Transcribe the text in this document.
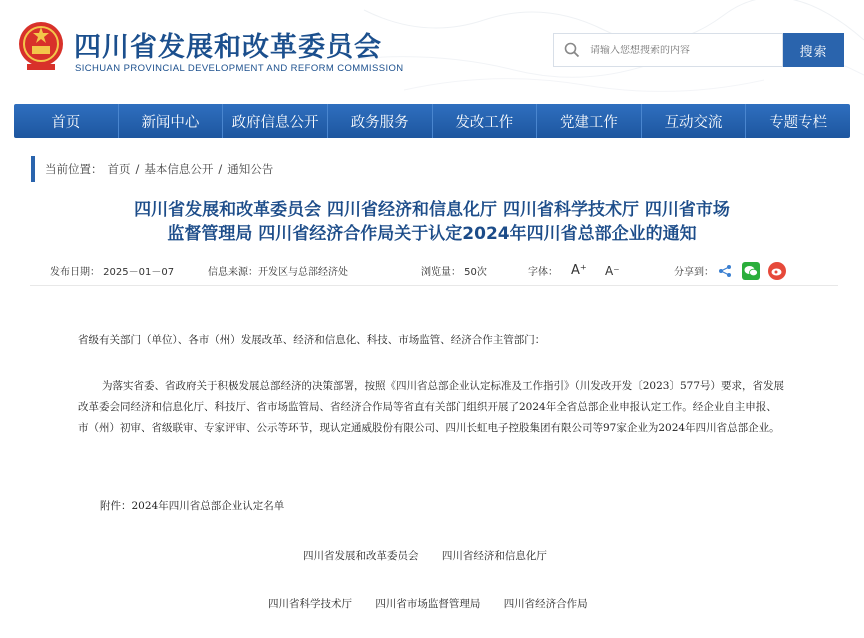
四川省发展和改革委员会
SICHUAN PROVINCIAL DEVELOPMENT AND REFORM COMMISSION
请输入您想搜索的内容
搜索
首页	新闻中心	政府信息公开	政务服务	发改工作	党建工作	互动交流	专题专栏
当前位置： 首页 / 基本信息公开 / 通知公告
四川省发展和改革委员会 四川省经济和信息化厅 四川省科学技术厅 四川省市场
监督管理局 四川省经济合作局关于认定2024年四川省总部企业的通知
发布日期： 2025－01－07	信息来源：开发区与总部经济处	浏览量： 50次	字体： A⁺ A⁻	分享到：
省级有关部门（单位）、各市（州）发展改革、经济和信息化、科技、市场监管、经济合作主管部门：
为落实省委、省政府关于积极发展总部经济的决策部署，按照《四川省总部企业认定标准及工作指引》（川发改开发〔2023〕577号）要求，省发展改革委会同经济和信息化厅、科技厅、省市场监管局、省经济合作局等省直有关部门组织开展了2024年全省总部企业申报认定工作。经企业自主申报、市（州）初审、省级联审、专家评审、公示等环节，现认定通威股份有限公司、四川长虹电子控股集团有限公司等97家企业为2024年四川省总部企业。
附件：2024年四川省总部企业认定名单
四川省发展和改革委员会 四川省经济和信息化厅
四川省科学技术厅 四川省市场监督管理局 四川省经济合作局
